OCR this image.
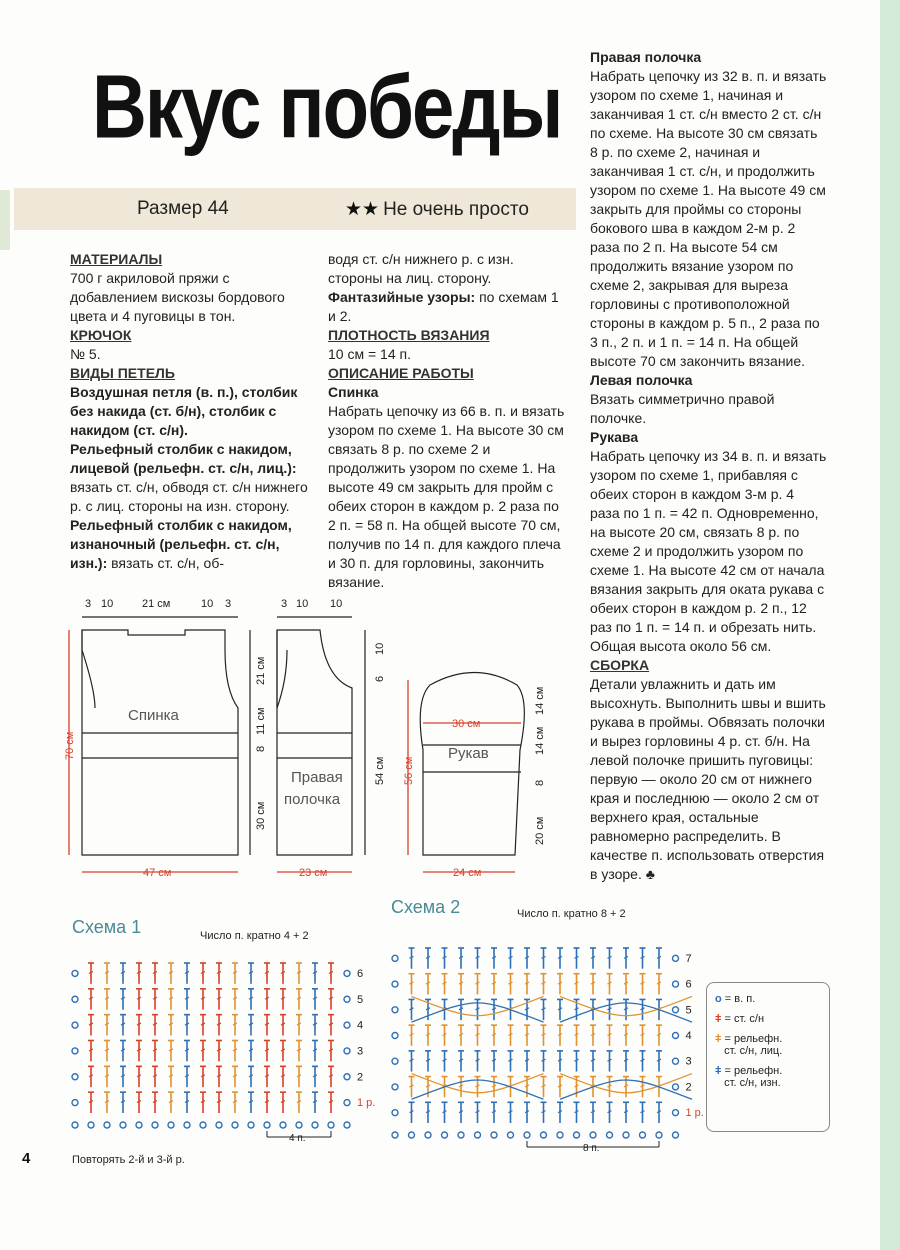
Вкус победы
Размер 44	★★ Не очень просто

МАТЕРИАЛЫ

700 г акриловой пряжи с добавлением вискозы бордового цвета и 4 пуговицы в тон.

КРЮЧОК

№ 5.

ВИДЫ ПЕТЕЛЬ

Воздушная петля (в. п.), столбик без накида (ст. б/н), столбик с накидом (ст. с/н).

Рельефный столбик с накидом, лицевой (рельефн. ст. с/н, лиц.): вязать ст. с/н, обводя ст. с/н нижнего р. с лиц. стороны на изн. сторону.

Рельефный столбик с накидом, изнаночный (рельефн. ст. с/н, изн.): вязать ст. с/н, об-

водя ст. с/н нижнего р. с изн. стороны на лиц. сторону.

Фантазийные узоры: по схемам 1 и 2.

ПЛОТНОСТЬ ВЯЗАНИЯ

10 см = 14 п.

ОПИСАНИЕ РАБОТЫ

Спинка

Набрать цепочку из 66 в. п. и вязать узором по схеме 1. На высоте 30 см связать 8 р. по схеме 2 и продолжить узором по схеме 1. На высоте 49 см закрыть для пройм с обеих сторон в каждом р. 2 раза по 2 п. = 58 п. На общей высоте 70 см, получив по 14 п. для каждого плеча и 30 п. для горловины, закончить вязание.

Правая полочка

Набрать цепочку из 32 в. п. и вязать узором по схеме 1, начиная и заканчивая 1 ст. с/н вместо 2 ст. с/н по схеме. На высоте 30 см связать 8 р. по схеме 2, начиная и заканчивая 1 ст. с/н, и продолжить узором по схеме 1. На высоте 49 см закрыть для проймы со стороны бокового шва в каждом 2-м р. 2 раза по 2 п. На высоте 54 см продолжить вязание узором по схеме 2, закрывая для выреза горловины с противоположной стороны в каждом р. 5 п., 2 раза по 3 п., 2 п. и 1 п. = 14 п. На общей высоте 70 см закончить вязание.

Левая полочка

Вязать симметрично правой полочке.

Рукава

Набрать цепочку из 34 в. п. и вязать узором по схеме 1, прибавляя с обеих сторон в каждом 3-м р. 4 раза по 1 п. = 42 п. Одновременно, на высоте 20 см, связать 8 р. по схеме 2 и продолжить узором по схеме 1. На высоте 42 см от начала вязания закрыть для оката рукава с обеих сторон в каждом р. 2 п., 12 раз по 1 п. = 14 п. и обрезать нить. Общая высота около 56 см.

СБОРКА

Детали увлажнить и дать им высохнуть. Выполнить швы и вшить рукава в проймы. Обвязать полочки и вырез горловины 4 р. ст. б/н. На левой полочке пришить пуговицы: первую — около 20 см от нижнего края и последнюю — около 2 см от верхнего края, остальные равномерно распределить. В качестве п. использовать отверстия в узоре. ♣

3 10	21 см	10 3	3 10 10
21 см
11 см
8
30 см
10
6
54 см
14 см
14 см
8
20 см
70 см
47 см	23 см
56 см
24 см
30 см
Спинка
Правая
полочка
Рукав
Схема 1	Число п. кратно 4 + 2
Схема 2	Число п. кратно 8 + 2
6
5
4
3
2
1 р.
4 п.
7
6
5
4
3
2
1 р.
8 п.
Повторять 2-й и 3-й р.
o = в. п.
ǂ = ст. с/н
ǂ = рельефн.
ст. с/н, лиц.
ǂ = рельефн.
ст. с/н, изн.
4
